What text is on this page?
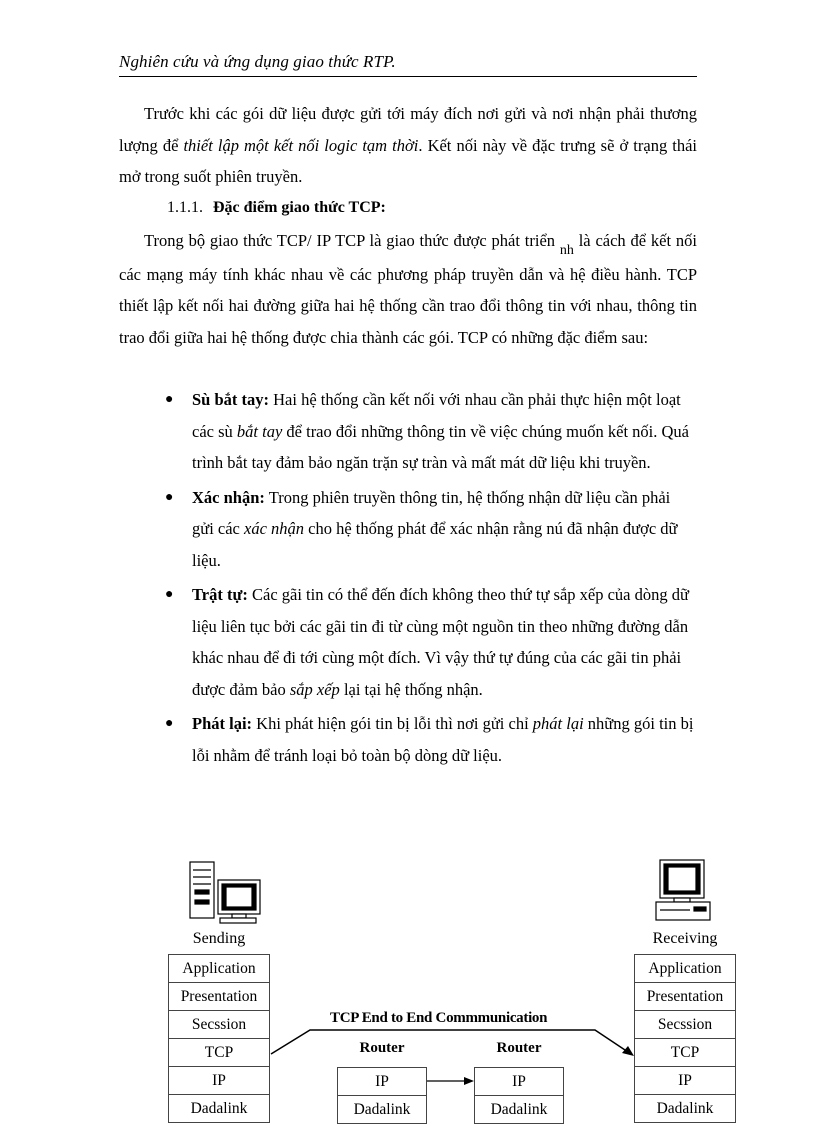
Nghiên cứu và ứng dụng giao thức RTP.

Trước khi các gói dữ liệu được gửi tới máy đích nơi gửi và nơi nhận phải thương lượng để thiết lập một kết nối logic tạm thời. Kết nối này về đặc trưng sẽ ở trạng thái mở trong suốt phiên truyền.

1.1.1. Đặc điểm giao thức TCP:

Trong bộ giao thức TCP/ IP TCP là giao thức được phát triển $_{nh}$ là cách để kết nối các mạng máy tính khác nhau về các phương pháp truyền dẫn và hệ điều hành. TCP thiết lập kết nối hai đường giữa hai hệ thống cần trao đổi thông tin với nhau, thông tin trao đổi giữa hai hệ thống được chia thành các gói. TCP có những đặc điểm sau:

● Sù bắt tay: Hai hệ thống cần kết nối với nhau cần phải thực hiện một loạt các sù bắt tay để trao đổi những thông tin về việc chúng muốn kết nối. Quá trình bắt tay đảm bảo ngăn trặn sự tràn và mất mát dữ liệu khi truyền.
● Xác nhận: Trong phiên truyền thông tin, hệ thống nhận dữ liệu cần phải gửi các xác nhận cho hệ thống phát để xác nhận rằng nú đã nhận được dữ liệu.
● Trật tự: Các gãi tin có thể đến đích không theo thứ tự sắp xếp của dòng dữ liệu liên tục bởi các gãi tin đi từ cùng một nguồn tin theo những đường dẫn khác nhau để đi tới cùng một đích. Vì vậy thứ tự đúng của các gãi tin phải được đảm bảo sắp xếp lại tại hệ thống nhận.
● Phát lại: Khi phát hiện gói tin bị lỗi thì nơi gửi chỉ phát lại những gói tin bị lỗi nhằm để tránh loại bỏ toàn bộ dòng dữ liệu.
Sending	Receiving
Application
Presentation
Secssion
TCP
IP
Dadalink
Application
Presentation
Secssion
TCP
IP
Dadalink
TCP End to End Commmunication
Router	Router
IP
Dadalink
IP
Dadalink
